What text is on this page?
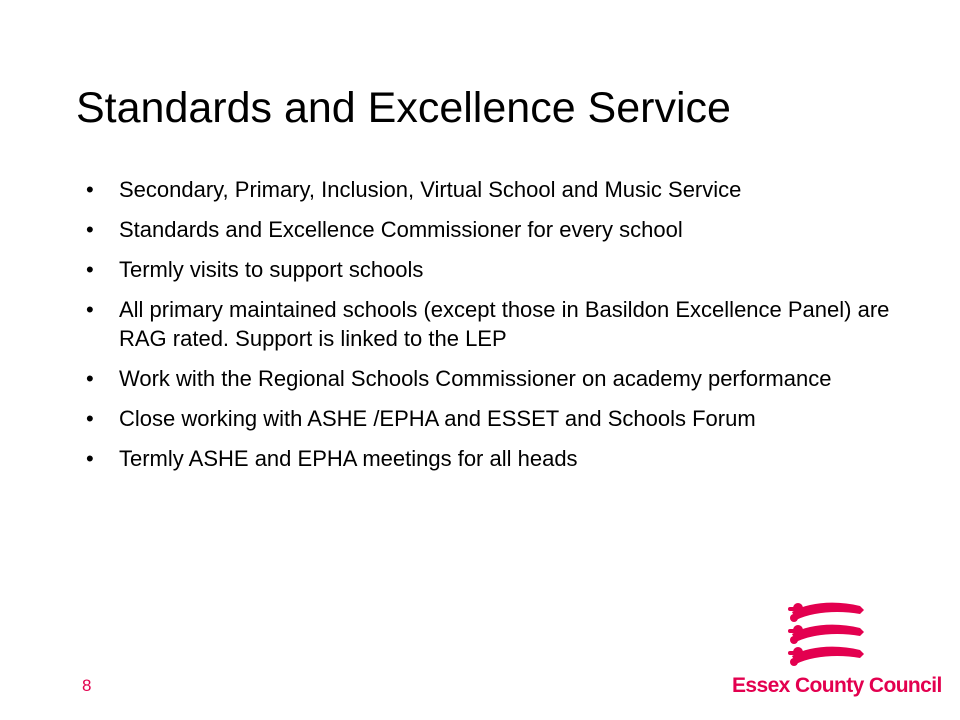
Standards and Excellence Service
• Secondary, Primary, Inclusion, Virtual School and Music Service
• Standards and Excellence Commissioner for every school
• Termly visits to support schools
• All primary maintained schools (except those in Basildon Excellence Panel) are RAG rated. Support is linked to the LEP
• Work with the Regional Schools Commissioner on academy performance
• Close working with ASHE /EPHA and ESSET and Schools Forum
• Termly ASHE and EPHA meetings for all heads
8	Essex County Council
